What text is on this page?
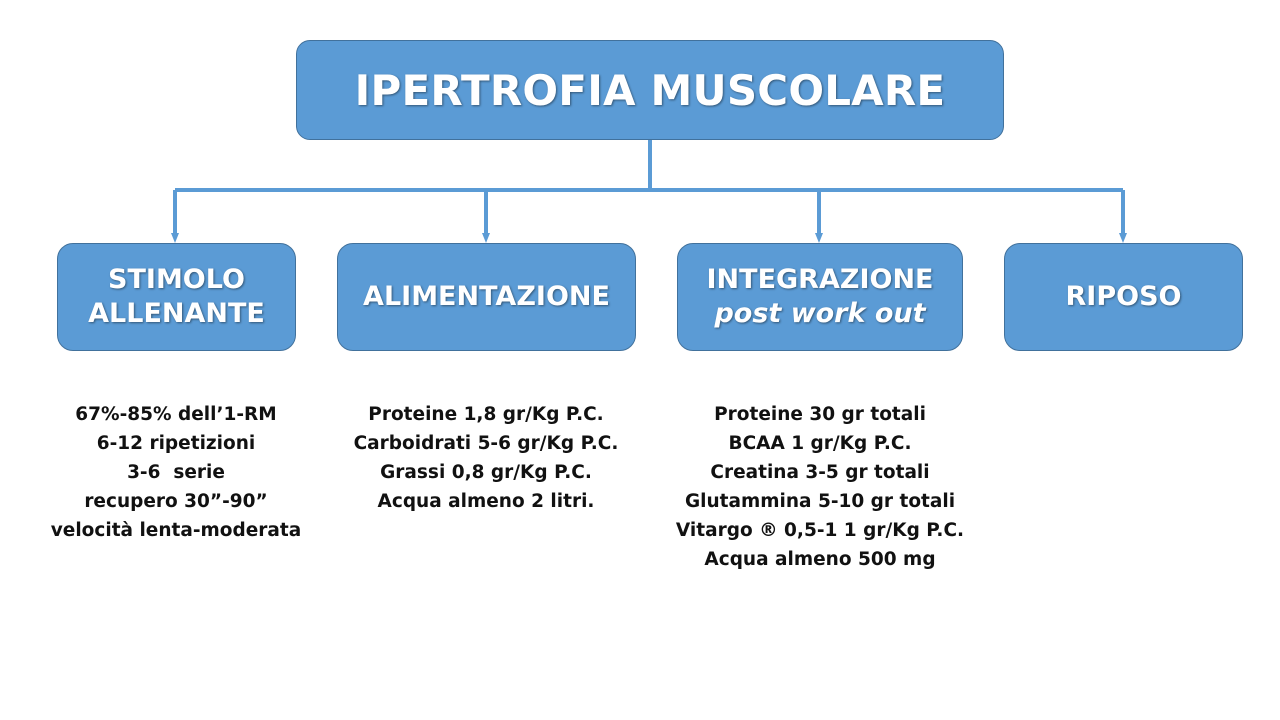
IPERTROFIA MUSCOLARE
STIMOLO
ALLENANTE
ALIMENTAZIONE
INTEGRAZIONE
post work out
RIPOSO
67%-85% dell’1-RM
6-12 ripetizioni
3-6  serie
recupero 30”-90”
velocità lenta-moderata
Proteine 1,8 gr/Kg P.C.
Carboidrati 5-6 gr/Kg P.C.
Grassi 0,8 gr/Kg P.C.
Acqua almeno 2 litri.
Proteine 30 gr totali
BCAA 1 gr/Kg P.C.
Creatina 3-5 gr totali
Glutammina 5-10 gr totali
Vitargo ® 0,5-1 1 gr/Kg P.C.
Acqua almeno 500 mg
